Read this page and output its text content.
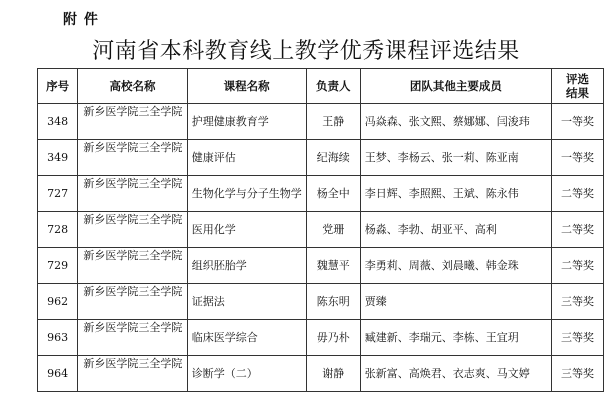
附 件
河南省本科教育线上教学优秀课程评选结果
序号	高校名称	课程名称	负责人	团队其他主要成员	评选
结果
348	新乡医学院三全学院	护理健康教育学	王静	冯焱森、张文熙、蔡娜娜、闫浚玮	一等奖
349	新乡医学院三全学院	健康评估	纪海续	王梦、李杨云、张一莉、陈亚南	一等奖
727	新乡医学院三全学院	生物化学与分子生物学	杨全中	李日辉、李照熙、王斌、陈永伟	二等奖
728	新乡医学院三全学院	医用化学	党珊	杨淼、李勃、胡亚平、高利	二等奖
729	新乡医学院三全学院	组织胚胎学	魏慧平	李勇莉、周薇、刘晨曦、韩金珠	二等奖
962	新乡医学院三全学院	证据法	陈东明	贾臻	三等奖
963	新乡医学院三全学院	临床医学综合	毋乃朴	臧建新、李瑞元、李栋、王宜玥	三等奖
964	新乡医学院三全学院	诊断学（二）	谢静	张新富、高焕君、衣志爽、马文婷	三等奖
